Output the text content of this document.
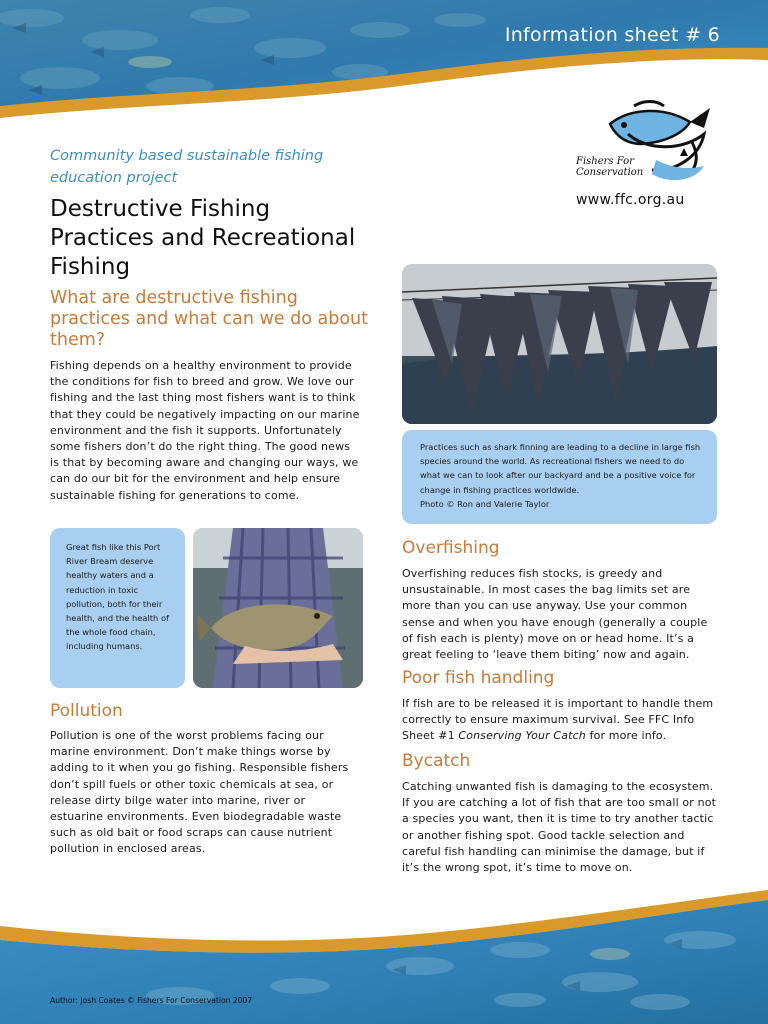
Information sheet # 6
Fishers For
Conservation
www.ffc.org.au
Community based sustainable fishing education project
Destructive Fishing Practices and Recreational Fishing
What are destructive fishing practices and what can we do about them?
Fishing depends on a healthy environment to provide the conditions for fish to breed and grow. We love our fishing and the last thing most fishers want is to think that they could be negatively impacting on our marine environment and the fish it supports. Unfortunately some fishers don’t do the right thing. The good news is that by becoming aware and changing our ways, we can do our bit for the environment and help ensure sustainable fishing for generations to come.
Great fish like this Port River Bream deserve healthy waters and a reduction in toxic pollution, both for their health, and the health of the whole food chain, including humans.
Pollution
Pollution is one of the worst problems facing our marine environment. Don’t make things worse by adding to it when you go fishing. Responsible fishers don’t spill fuels or other toxic chemicals at sea, or release dirty bilge water into marine, river or estuarine environments. Even biodegradable waste such as old bait or food scraps can cause nutrient pollution in enclosed areas.
Practices such as shark finning are leading to a decline in large fish species around the world. As recreational fishers we need to do what we can to look after our backyard and be a positive voice for change in fishing practices worldwide.
Photo © Ron and Valerie Taylor
Overfishing
Overfishing reduces fish stocks, is greedy and unsustainable. In most cases the bag limits set are more than you can use anyway. Use your common sense and when you have enough (generally a couple of fish each is plenty) move on or head home. It’s a great feeling to ‘leave them biting’ now and again.
Poor fish handling
If fish are to be released it is important to handle them correctly to ensure maximum survival. See FFC Info Sheet #1 Conserving Your Catch for more info.
Bycatch
Catching unwanted fish is damaging to the ecosystem. If you are catching a lot of fish that are too small or not a species you want, then it is time to try another tactic or another fishing spot. Good tackle selection and careful fish handling can minimise the damage, but if it’s the wrong spot, it’s time to move on.
Author: Josh Coates © Fishers For Conservation 2007
